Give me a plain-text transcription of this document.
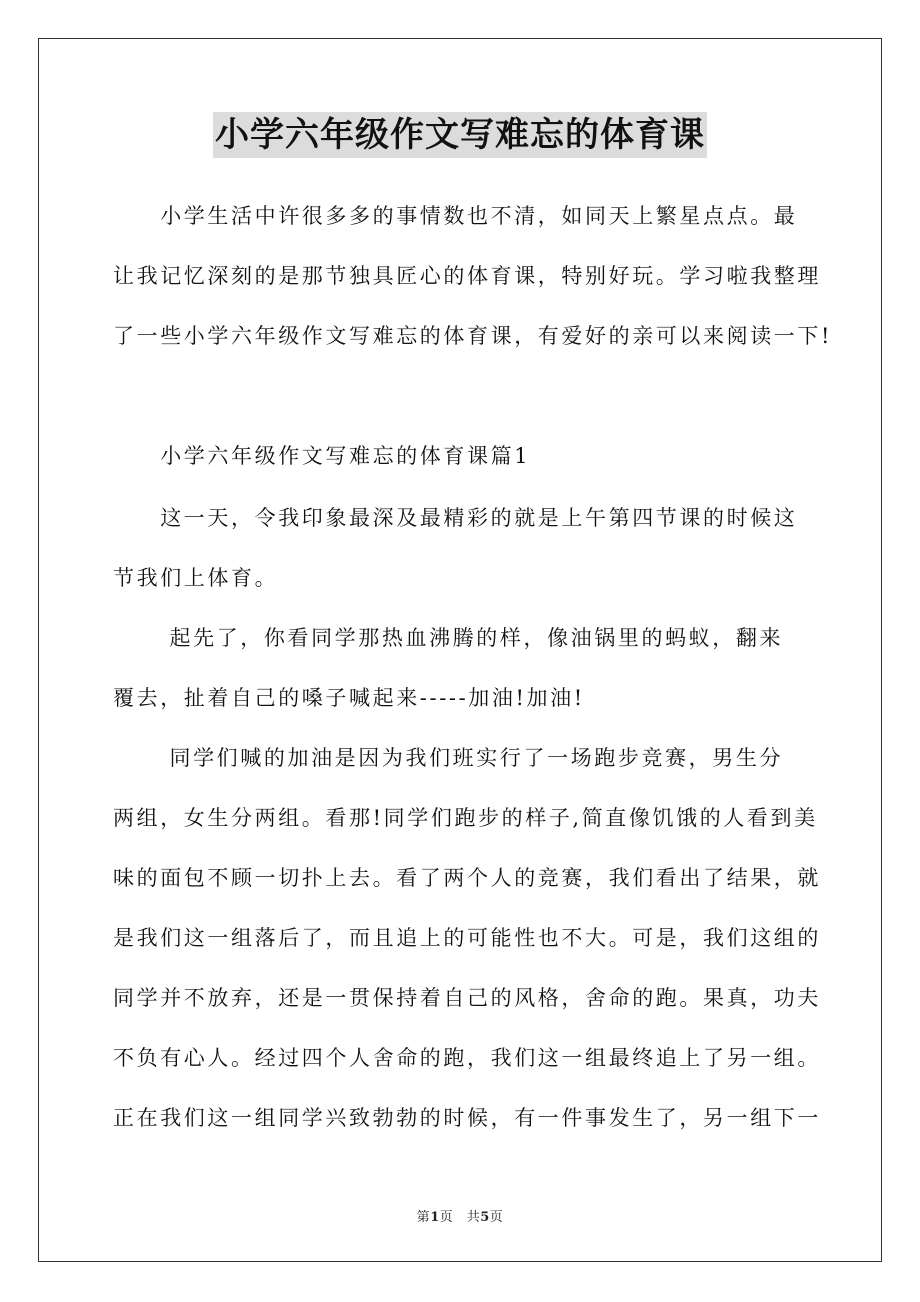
小学六年级作文写难忘的体育课

　　小学生活中许很多多的事情数也不清，如同天上繁星点点。最
让我记忆深刻的是那节独具匠心的体育课，特别好玩。学习啦我整理
了一些小学六年级作文写难忘的体育课，有爱好的亲可以来阅读一下!

　　小学六年级作文写难忘的体育课篇1

　　这一天，令我印象最深及最精彩的就是上午第四节课的时候这
节我们上体育。

　　 起先了，你看同学那热血沸腾的样，像油锅里的蚂蚁，翻来
覆去，扯着自己的嗓子喊起来-----加油!加油!

　　 同学们喊的加油是因为我们班实行了一场跑步竞赛，男生分
两组，女生分两组。看那!同学们跑步的样子,简直像饥饿的人看到美
味的面包不顾一切扑上去。看了两个人的竞赛，我们看出了结果，就
是我们这一组落后了，而且追上的可能性也不大。可是，我们这组的
同学并不放弃，还是一贯保持着自己的风格，舍命的跑。果真，功夫
不负有心人。经过四个人舍命的跑，我们这一组最终追上了另一组。
正在我们这一组同学兴致勃勃的时候，有一件事发生了，另一组下一

第1页　共5页
